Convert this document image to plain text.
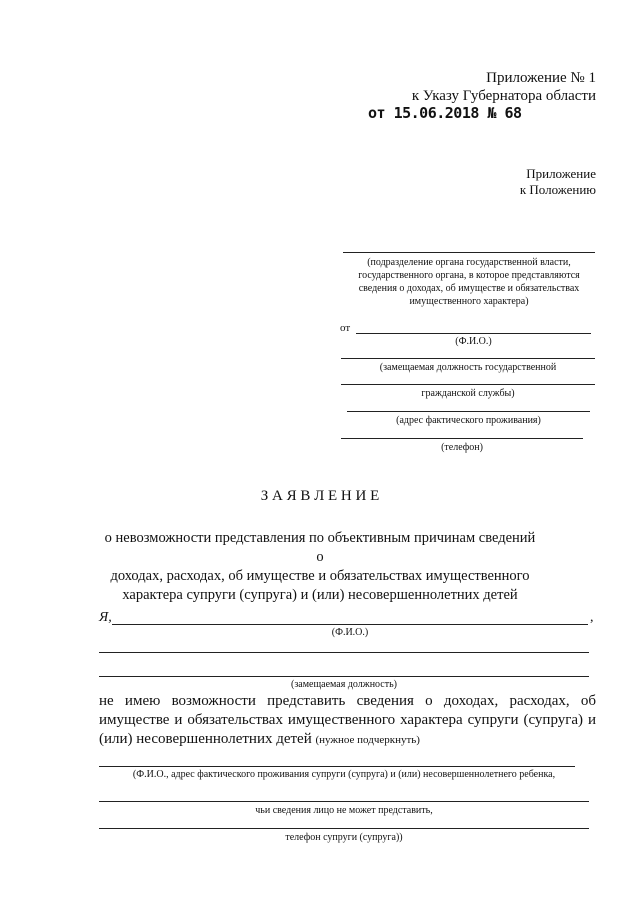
Приложение № 1
к Указу Губернатора области
от 15.06.2018 № 68
Приложение
к Положению
(подразделение органа государственной власти,
государственного органа, в которое представляются
сведения о доходах, об имуществе и обязательствах
имущественного характера)
от
(Ф.И.О.)
(замещаемая должность государственной
гражданской службы)
(адрес фактического проживания)
(телефон)
З А Я В Л Е Н И Е
о невозможности представления по объективным причинам сведений о
доходах, расходах, об имуществе и обязательствах имущественного
характера супруги (супруга) и (или) несовершеннолетних детей
Я,	,
(Ф.И.О.)
(замещаемая должность)
не имею возможности представить сведения о доходах, расходах, об
имуществе и обязательствах имущественного характера супруги (супруга) и
(или) несовершеннолетних детей (нужное подчеркнуть)
(Ф.И.О., адрес фактического проживания супруги (супруга) и (или) несовершеннолетнего ребенка,
чьи сведения лицо не может представить,
телефон супруги (супруга))
